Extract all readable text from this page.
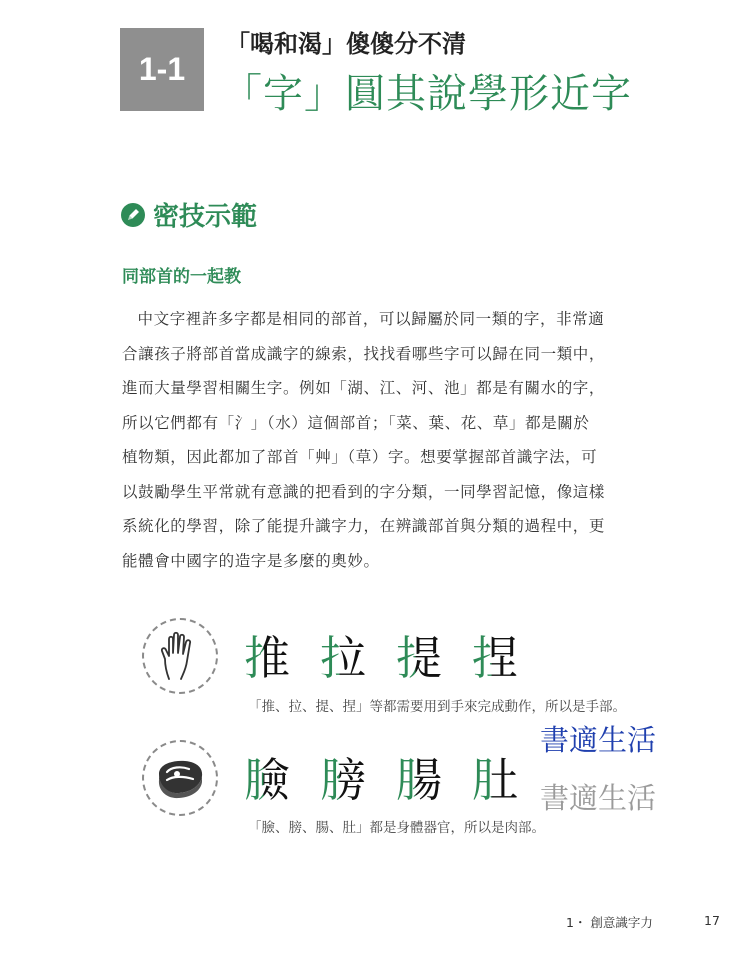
1-1
「喝和渴」傻傻分不清
「字」圓其說學形近字
密技示範
同部首的一起教
中文字裡許多字都是相同的部首，可以歸屬於同一類的字，非常適
合讓孩子將部首當成識字的線索，找找看哪些字可以歸在同一類中，
進而大量學習相關生字。例如「湖、江、河、池」都是有關水的字，
所以它們都有「氵」（水）這個部首；「菜、葉、花、草」都是關於
植物類，因此都加了部首「艸」（草）字。想要掌握部首識字法，可
以鼓勵學生平常就有意識的把看到的字分類，一同學習記憶，像這樣
系統化的學習，除了能提升識字力，在辨識部首與分類的過程中，更
能體會中國字的造字是多麼的奧妙。
推 拉 提 捏
「推、拉、提、捏」等都需要用到手來完成動作，所以是手部。
臉 膀 腸 肚
「臉、膀、腸、肚」都是身體器官，所以是肉部。
書適生活
書適生活
1・ 創意識字力	17
